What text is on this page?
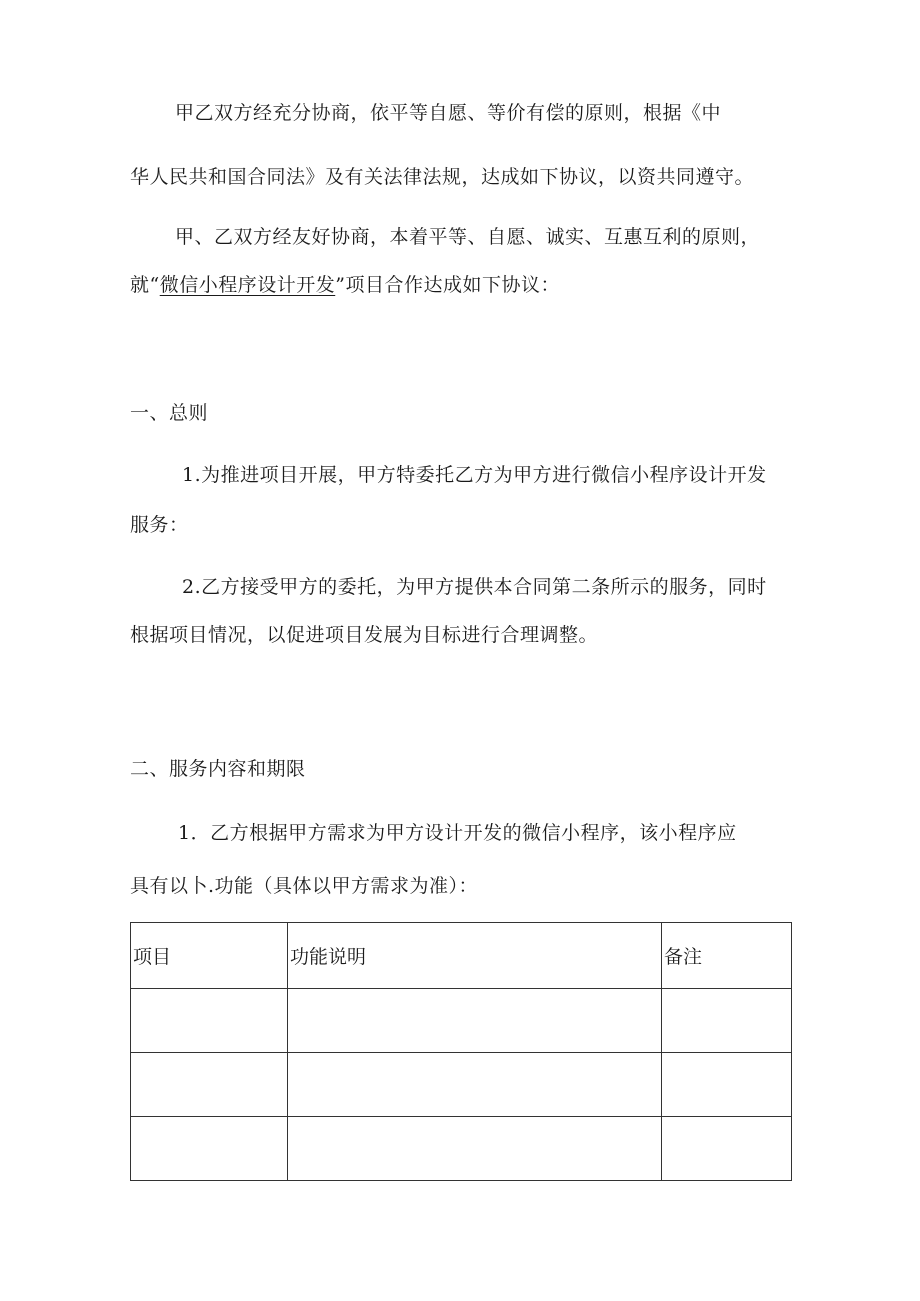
甲乙双方经充分协商，依平等自愿、等价有偿的原则，根据《中
华人民共和国合同法》及有关法律法规，达成如下协议，以资共同遵守。
甲、乙双方经友好协商，本着平等、自愿、诚实、互惠互利的原则，
就“微信小程序设计开发”项目合作达成如下协议：
一、总则
1.为推进项目开展，甲方特委托乙方为甲方进行微信小程序设计开发
服务：
2.乙方接受甲方的委托，为甲方提供本合同第二条所示的服务，同时
根据项目情况，以促进项目发展为目标进行合理调整。
二、服务内容和期限
1．乙方根据甲方需求为甲方设计开发的微信小程序，该小程序应
具有以卜.功能（具体以甲方需求为准）：
项目	功能说明	备注
